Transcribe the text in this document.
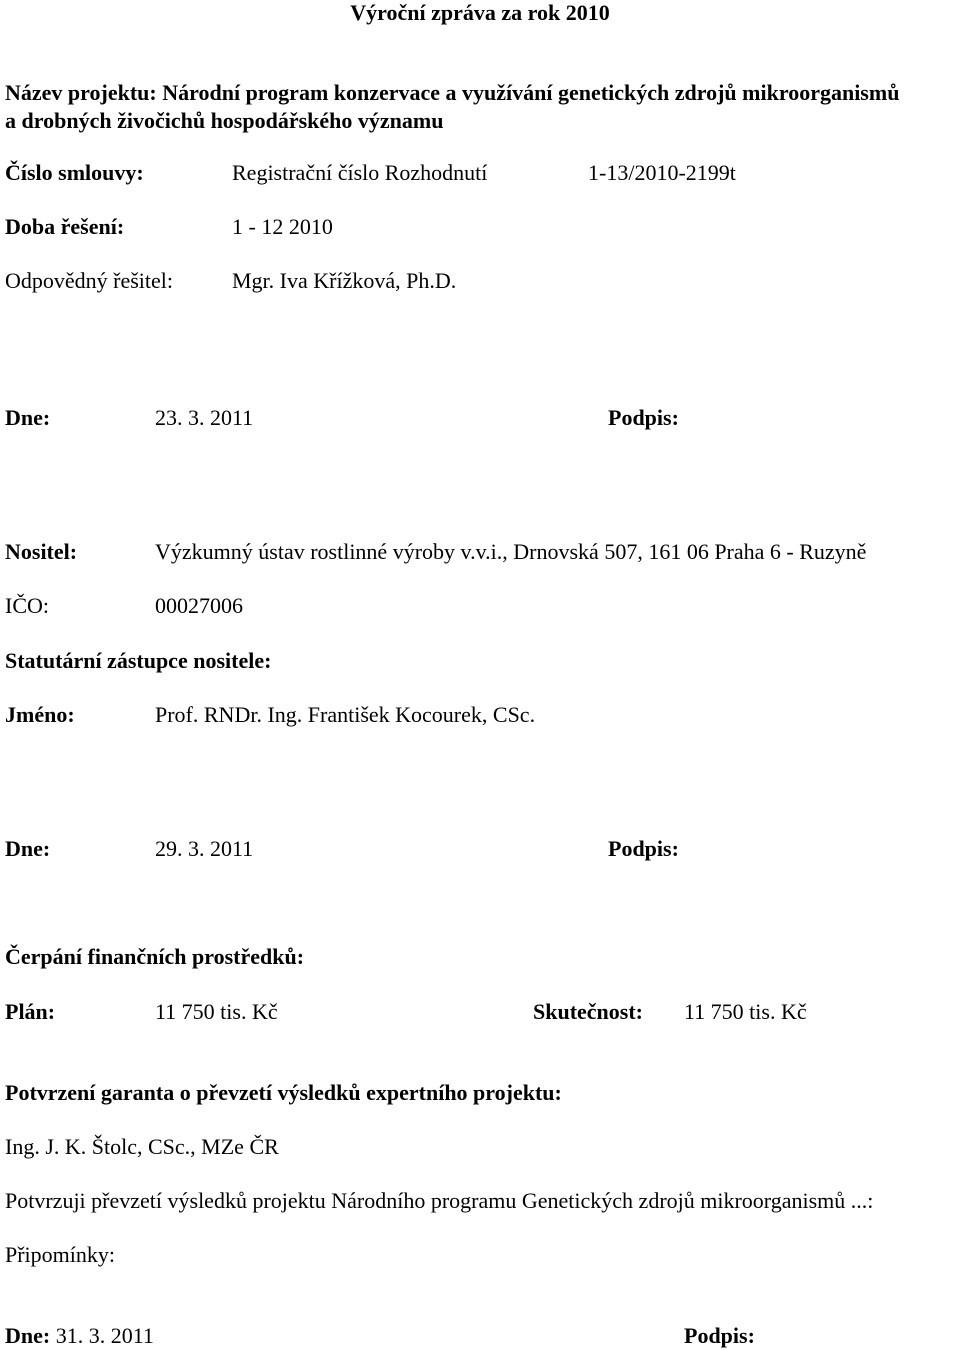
Výroční zpráva za rok 2010
Název projektu: Národní program konzervace a využívání genetických zdrojů mikroorganismů
a drobných živočichů hospodářského významu
Číslo smlouvy:	Registrační číslo Rozhodnutí	1-13/2010-2199t
Doba řešení:	1 - 12 2010
Odpovědný řešitel:	Mgr. Iva Křížková, Ph.D.
Dne:	23. 3. 2011	Podpis:
Nositel:	Výzkumný ústav rostlinné výroby v.v.i., Drnovská 507, 161 06 Praha 6 - Ruzyně
IČO:	00027006
Statutární zástupce nositele:
Jméno:	Prof. RNDr. Ing. František Kocourek, CSc.
Dne:	29. 3. 2011	Podpis:
Čerpání finančních prostředků:
Plán:	11 750 tis. Kč	Skutečnost: 11 750 tis. Kč
Potvrzení garanta o převzetí výsledků expertního projektu:
Ing. J. K. Štolc, CSc., MZe ČR
Potvrzuji převzetí výsledků projektu Národního programu Genetických zdrojů mikroorganismů ...:
Připomínky:
Dne: 31. 3. 2011	Podpis:
